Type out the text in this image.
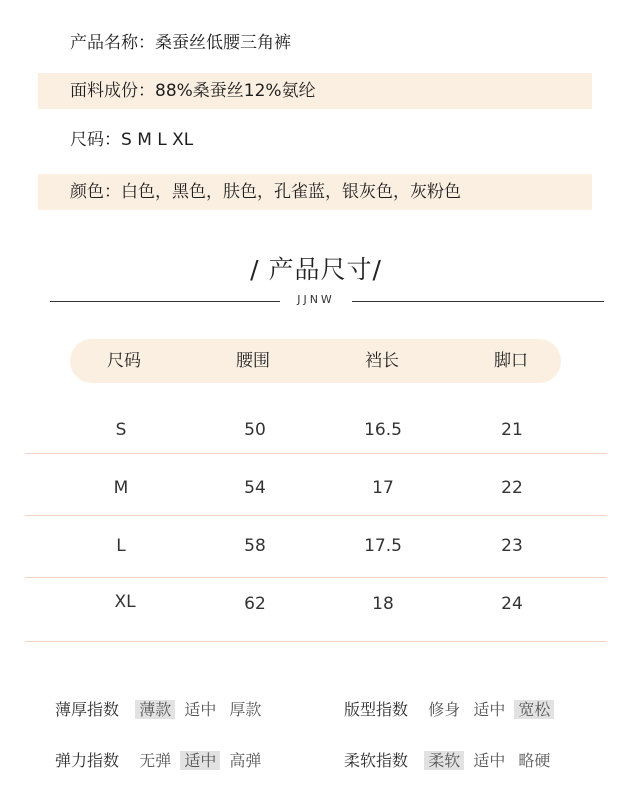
产品名称：桑蚕丝低腰三角裤
面料成份：88%桑蚕丝12%氨纶
尺码：S M L XL
颜色：白色，黑色，肤色，孔雀蓝，银灰色，灰粉色
/ 产品尺寸/
JJNW
尺码	腰围	裆长	脚口
S	50	16.5	21
M	54	17	22
L	58	17.5	23
XL	62	18	24
薄厚指数 薄款 适中 厚款	版型指数 修身 适中 宽松
弹力指数 无弹 适中 高弹	柔软指数 柔软 适中 略硬
